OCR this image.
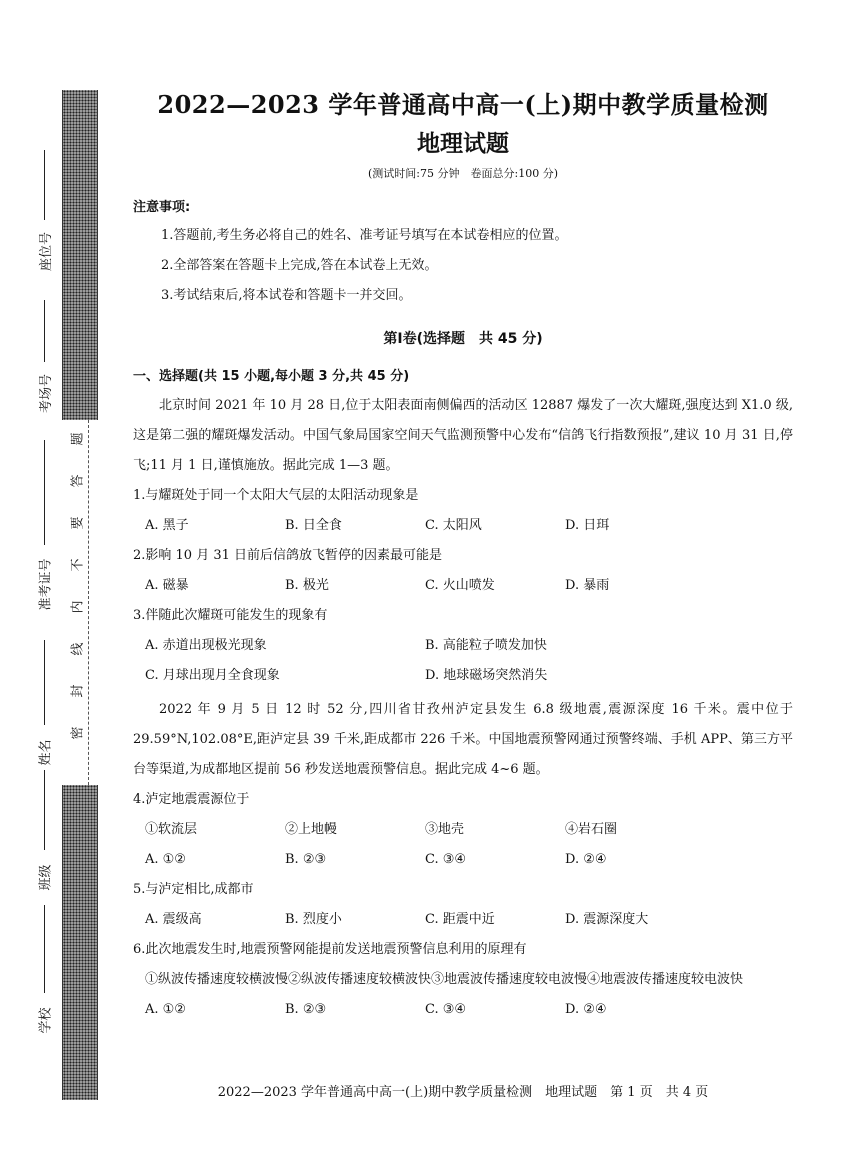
题
答
要
不
内
线
封
密
座位号
考场号
准考证号
姓名
班级
学校
2022—2023 学年普通高中高一(上)期中教学质量检测
地理试题
(测试时间:75 分钟　卷面总分:100 分)
注意事项:
1.答题前,考生务必将自己的姓名、准考证号填写在本试卷相应的位置。
2.全部答案在答题卡上完成,答在本试卷上无效。
3.考试结束后,将本试卷和答题卡一并交回。
第Ⅰ卷(选择题　共 45 分)
一、选择题(共 15 小题,每小题 3 分,共 45 分)

北京时间 2021 年 10 月 28 日,位于太阳表面南侧偏西的活动区 12887 爆发了一次大耀斑,强度达到 X1.0 级,这是第二强的耀斑爆发活动。中国气象局国家空间天气监测预警中心发布“信鸽飞行指数预报”,建议 10 月 31 日,停飞;11 月 1 日,谨慎施放。据此完成 1—3 题。

1.与耀斑处于同一个太阳大气层的太阳活动现象是

A. 黑子	B. 日全食	C. 太阳风	D. 日珥

2.影响 10 月 31 日前后信鸽放飞暂停的因素最可能是

A. 磁暴	B. 极光	C. 火山喷发	D. 暴雨

3.伴随此次耀斑可能发生的现象有

A. 赤道出现极光现象	B. 高能粒子喷发加快
C. 月球出现月全食现象	D. 地球磁场突然消失

2022 年 9 月 5 日 12 时 52 分,四川省甘孜州泸定县发生 6.8 级地震,震源深度 16 千米。震中位于 29.59°N,102.08°E,距泸定县 39 千米,距成都市 226 千米。中国地震预警网通过预警终端、手机 APP、第三方平台等渠道,为成都地区提前 56 秒发送地震预警信息。据此完成 4~6 题。

4.泸定地震震源位于

①软流层	②上地幔	③地壳	④岩石圈
A. ①②	B. ②③	C. ③④	D. ②④

5.与泸定相比,成都市

A. 震级高	B. 烈度小	C. 距震中近	D. 震源深度大

6.此次地震发生时,地震预警网能提前发送地震预警信息利用的原理有

①纵波传播速度较横波慢②纵波传播速度较横波快③地震波传播速度较电波慢④地震波传播速度较电波快

A. ①②	B. ②③	C. ③④	D. ②④
2022—2023 学年普通高中高一(上)期中教学质量检测　地理试题　第 1 页　共 4 页
